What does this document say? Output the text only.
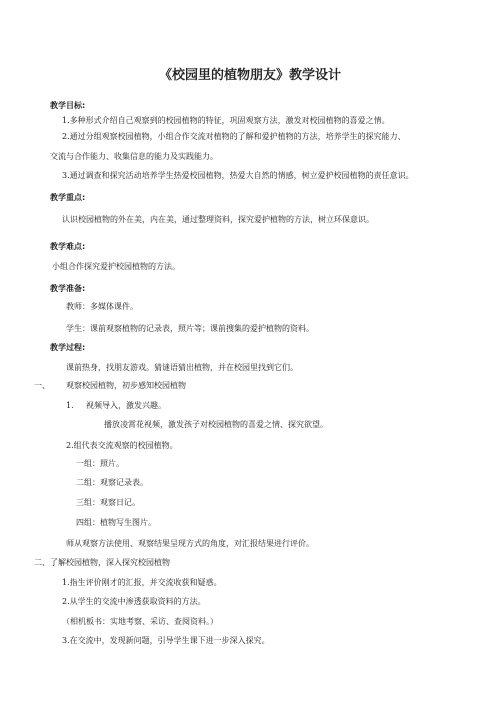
《校园里的植物朋友》教学设计
教学目标:
1.多种形式介绍自己观察到的校园植物的特征，巩固观察方法，激发对校园植物的喜爱之情。
2.通过分组观察校园植物，小组合作交流对植物的了解和爱护植物的方法，培养学生的探究能力、
交流与合作能力、收集信息的能力及实践能力。
3.通过调查和探究活动培养学生热爱校园植物，热爱大自然的情感，树立爱护校园植物的责任意识。
教学重点:
认识校园植物的外在美，内在美，通过整理资料，探究爱护植物的方法，树立环保意识。
教学难点:
小组合作探究爱护校园植物的方法。
教学准备:
教师：多媒体课件。
学生：课前观察植物的记录表，照片等；课前搜集的爱护植物的资料。
教学过程:
课前热身，找朋友游戏。猜谜语猜出植物，并在校园里找到它们。
一、 观察校园植物，初步感知校园植物
1. 视频导入，激发兴趣。
播放凌霄花视频，激发孩子对校园植物的喜爱之情、探究欲望。
2.组代表交流观察的校园植物。
一组：照片。
二组：观察记录表。
三组：观察日记。
四组：植物写生图片。
师从观察方法使用、观察结果呈现方式的角度，对汇报结果进行评价。
二、了解校园植物，深入探究校园植物
1.指生评价刚才的汇报，并交流收获和疑惑。
2.从学生的交流中渗透获取资料的方法。
（相机板书：实地考察、采访、查阅资料。）
3.在交流中，发现新问题，引导学生课下进一步深入探究。
